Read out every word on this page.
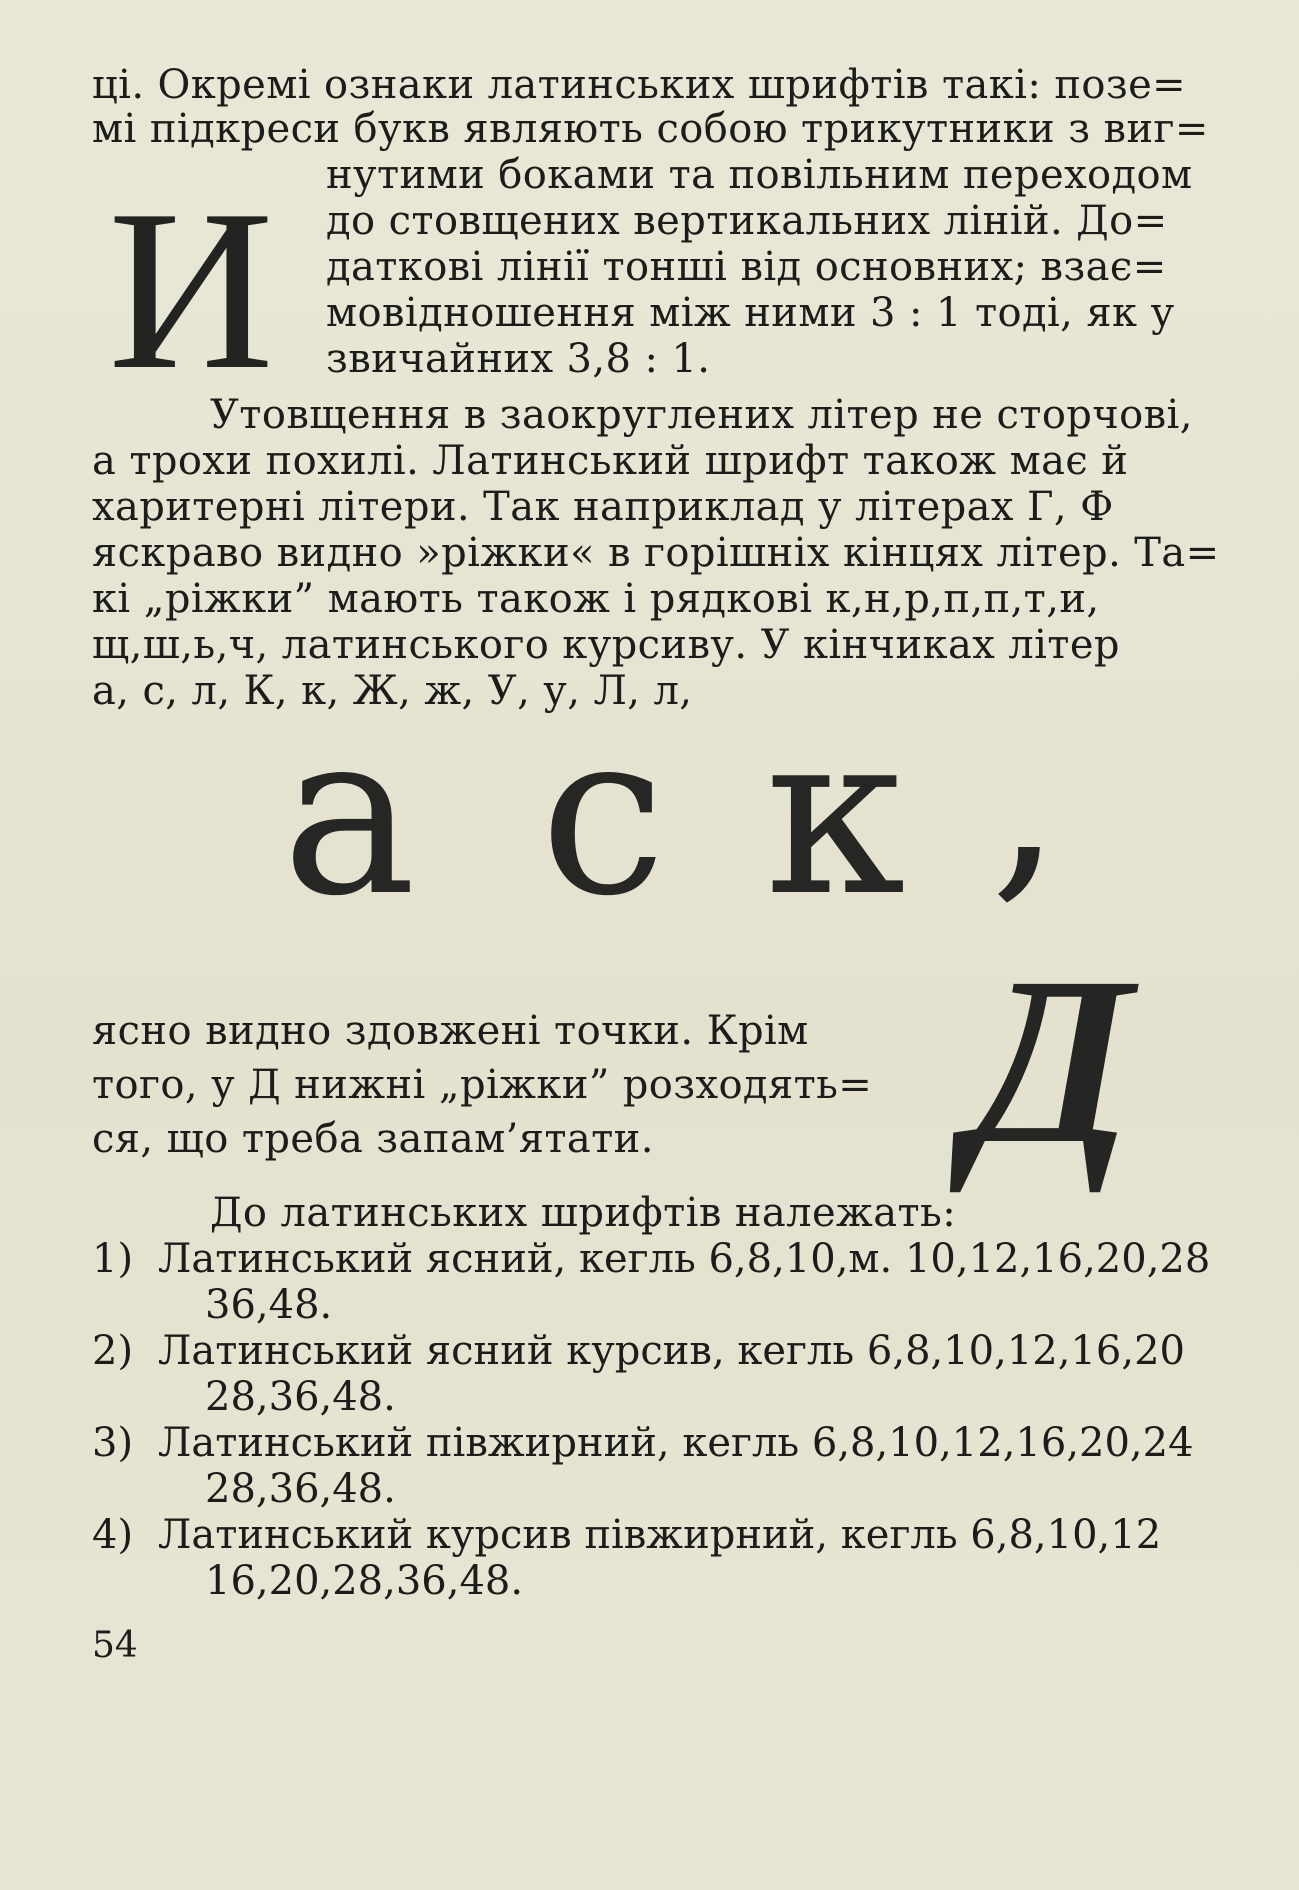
ці. Окремі ознаки латинських шрифтів такі: позе=
мі підкреси букв являють собою трикутники з виг=
И нутими боками та повільним переходом
до стовщених вертикальних ліній. До=
даткові лінії тонші від основних; взає=
мовідношення між ними 3 : 1 тоді, як у
звичайних 3,8 : 1.
Утовщення в заокруглених літер не сторчові,
а трохи похилі. Латинський шрифт також має й
харитерні літери. Так наприклад у літерах Г, Ф
яскраво видно »ріжки« в горішніх кінцях літер. Та=
кі „ріжки” мають також і рядкові к,н,р,п,п,т,и,
щ,ш,ь,ч, латинського курсиву. У кінчиках літер
а, с, л, К, к, Ж, ж, У, у, Л, л,
а с к ,
ясно видно здовжені точки. Крім
того, у Д нижні „ріжки” розходять=
ся, що треба запам’ятати. Д
До латинських шрифтів належать:
1) Латинський ясний, кегль 6,8,10,м. 10,12,16,20,28
36,48.
2) Латинський ясний курсив, кегль 6,8,10,12,16,20
28,36,48.
3) Латинський півжирний, кегль 6,8,10,12,16,20,24
28,36,48.
4) Латинський курсив півжирний, кегль 6,8,10,12
16,20,28,36,48.
54
